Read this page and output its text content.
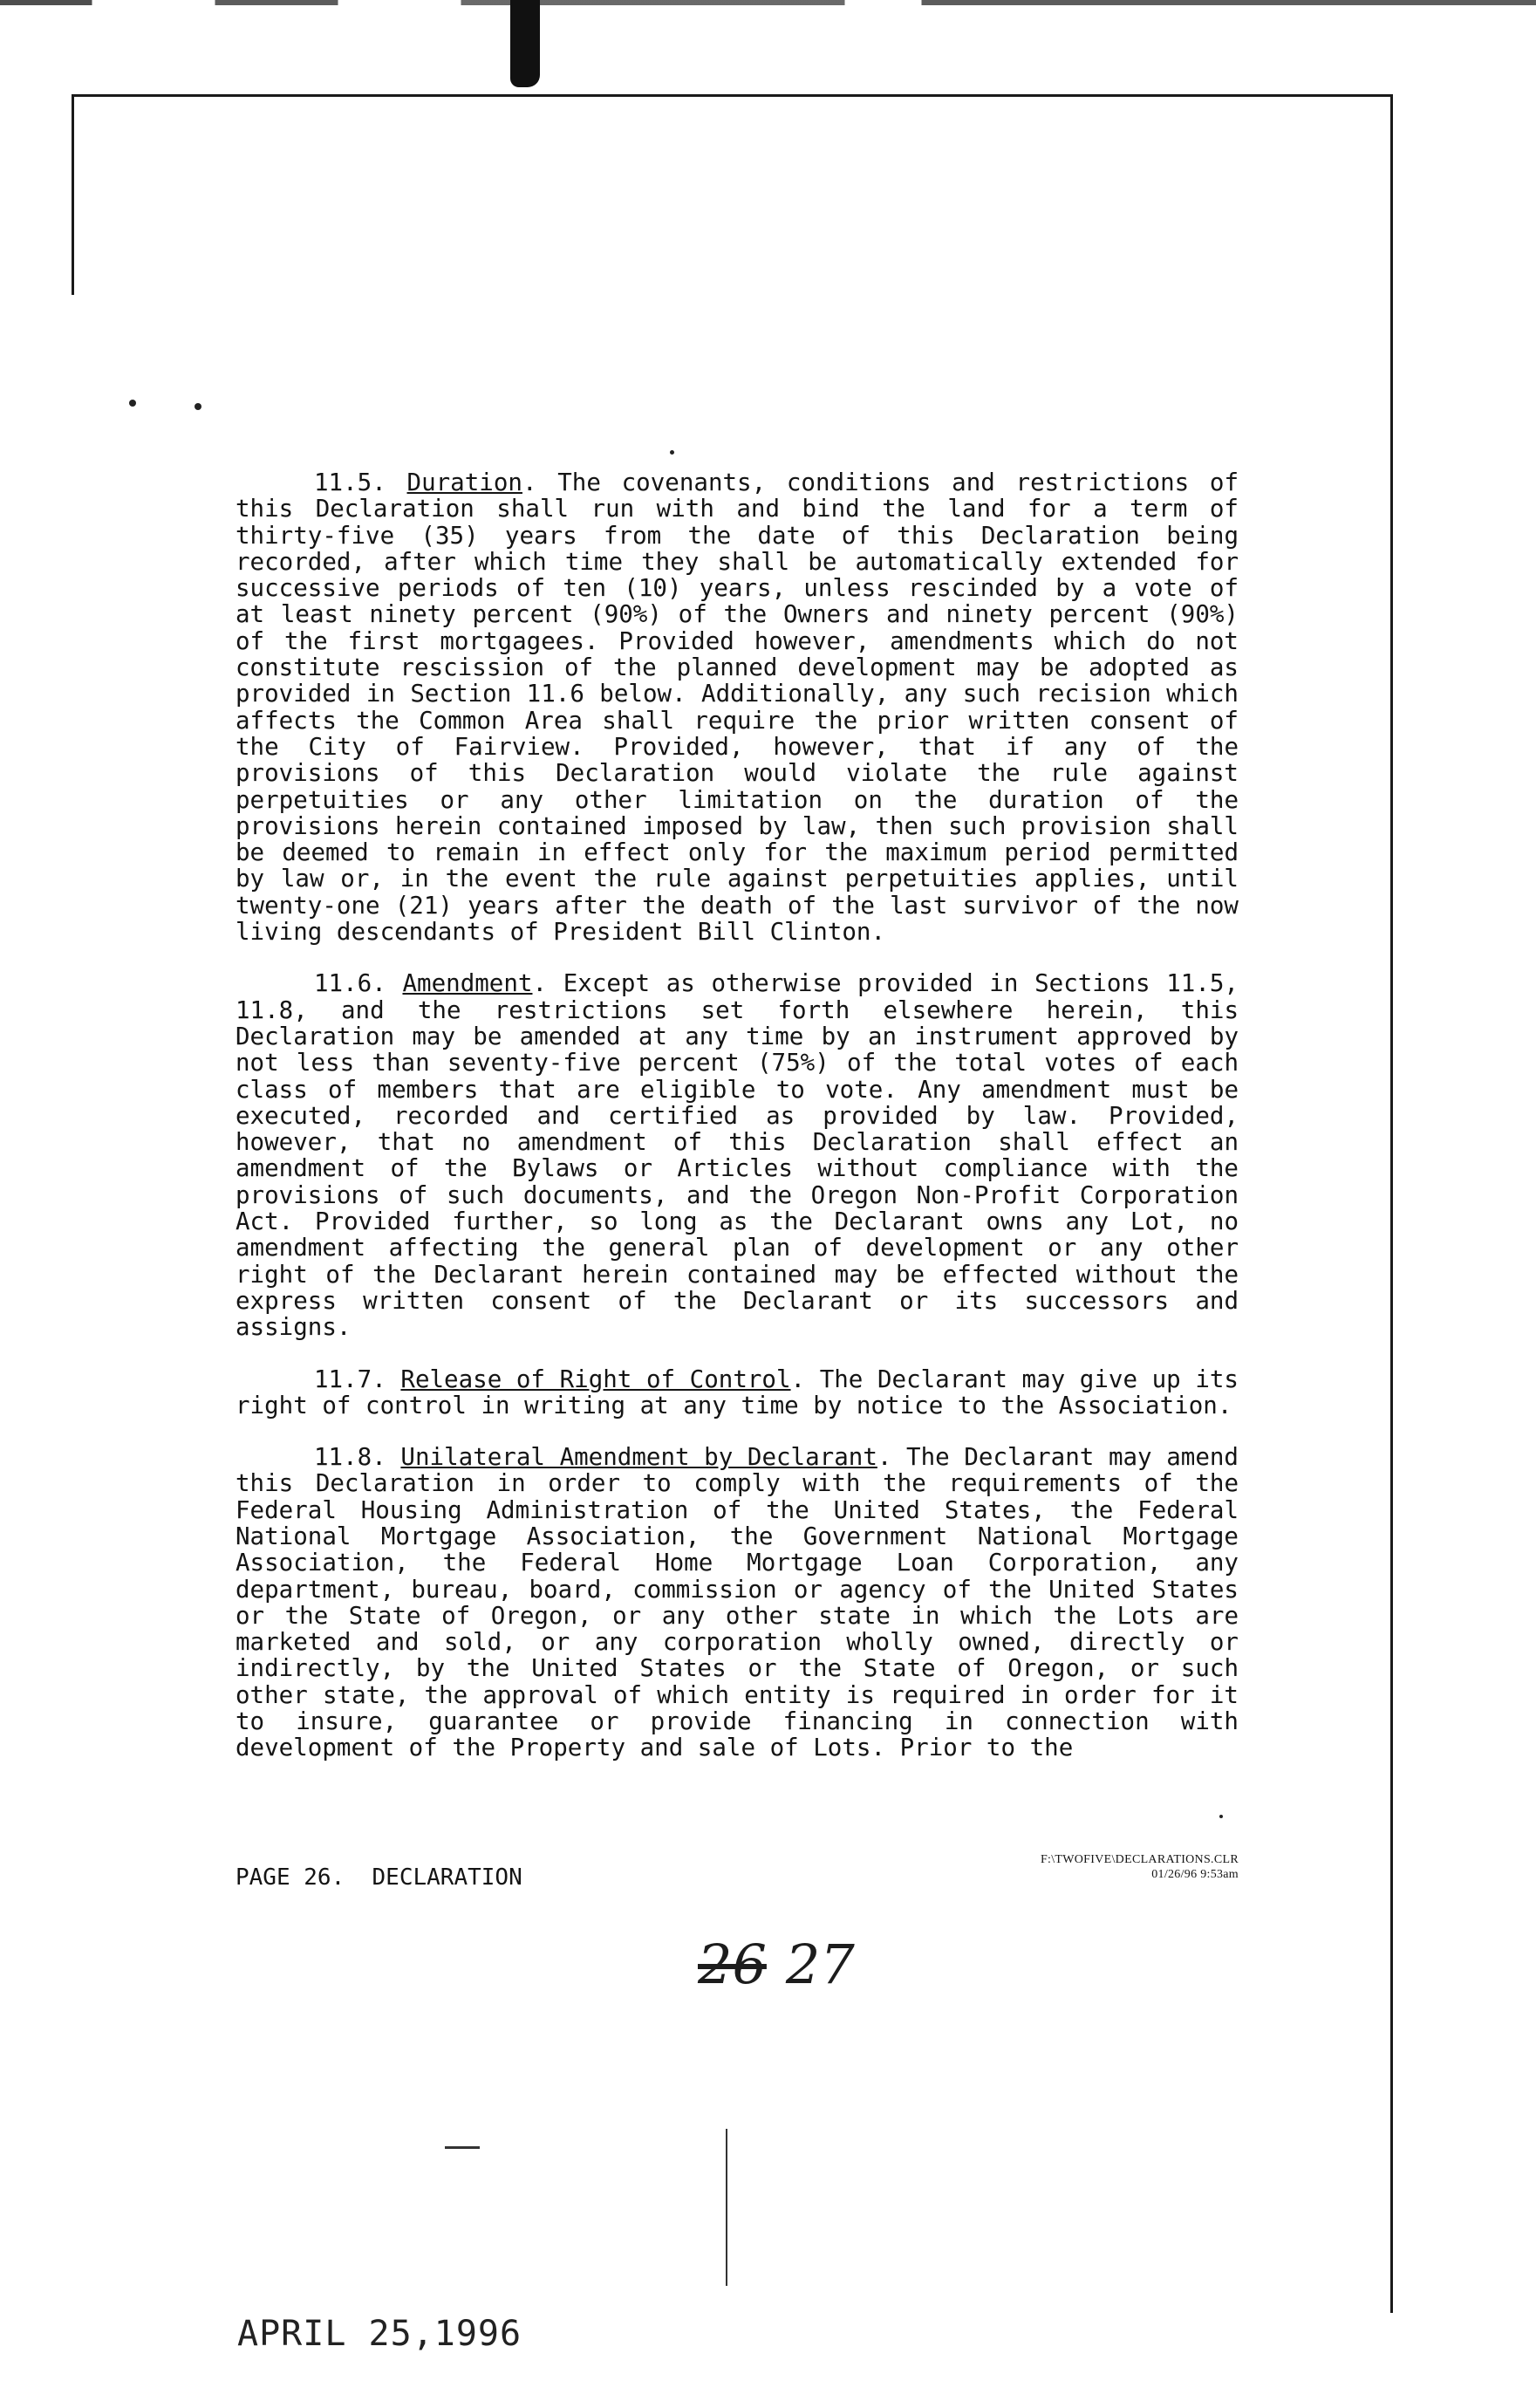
11.5. Duration. The covenants, conditions and restrictions of this Declaration shall run with and bind the land for a term of thirty-five (35) years from the date of this Declaration being recorded, after which time they shall be automatically extended for successive periods of ten (10) years, unless rescinded by a vote of at least ninety percent (90%) of the Owners and ninety percent (90%) of the first mortgagees. Provided however, amendments which do not constitute rescission of the planned development may be adopted as provided in Section 11.6 below. Additionally, any such recision which affects the Common Area shall require the prior written consent of the City of Fairview. Provided, however, that if any of the provisions of this Declaration would violate the rule against perpetuities or any other limitation on the duration of the provisions herein contained imposed by law, then such provision shall be deemed to remain in effect only for the maximum period permitted by law or, in the event the rule against perpetuities applies, until twenty-one (21) years after the death of the last survivor of the now living descendants of President Bill Clinton.

11.6. Amendment. Except as otherwise provided in Sections 11.5, 11.8, and the restrictions set forth elsewhere herein, this Declaration may be amended at any time by an instrument approved by not less than seventy-five percent (75%) of the total votes of each class of members that are eligible to vote. Any amendment must be executed, recorded and certified as provided by law. Provided, however, that no amendment of this Declaration shall effect an amendment of the Bylaws or Articles without compliance with the provisions of such documents, and the Oregon Non-Profit Corporation Act. Provided further, so long as the Declarant owns any Lot, no amendment affecting the general plan of development or any other right of the Declarant herein contained may be effected without the express written consent of the Declarant or its successors and assigns.

11.7. Release of Right of Control. The Declarant may give up its right of control in writing at any time by notice to the Association.

11.8. Unilateral Amendment by Declarant. The Declarant may amend this Declaration in order to comply with the requirements of the Federal Housing Administration of the United States, the Federal National Mortgage Association, the Government National Mortgage Association, the Federal Home Mortgage Loan Corporation, any department, bureau, board, commission or agency of the United States or the State of Oregon, or any other state in which the Lots are marketed and sold, or any corporation wholly owned, directly or indirectly, by the United States or the State of Oregon, or such other state, the approval of which entity is required in order for it to insure, guarantee or provide financing in connection with development of the Property and sale of Lots. Prior to the

PAGE 26.  DECLARATION
F:\TWOFIVE\DECLARATIONS.CLR
01/26/96 9:53am
26 27
APRIL 25,1996
